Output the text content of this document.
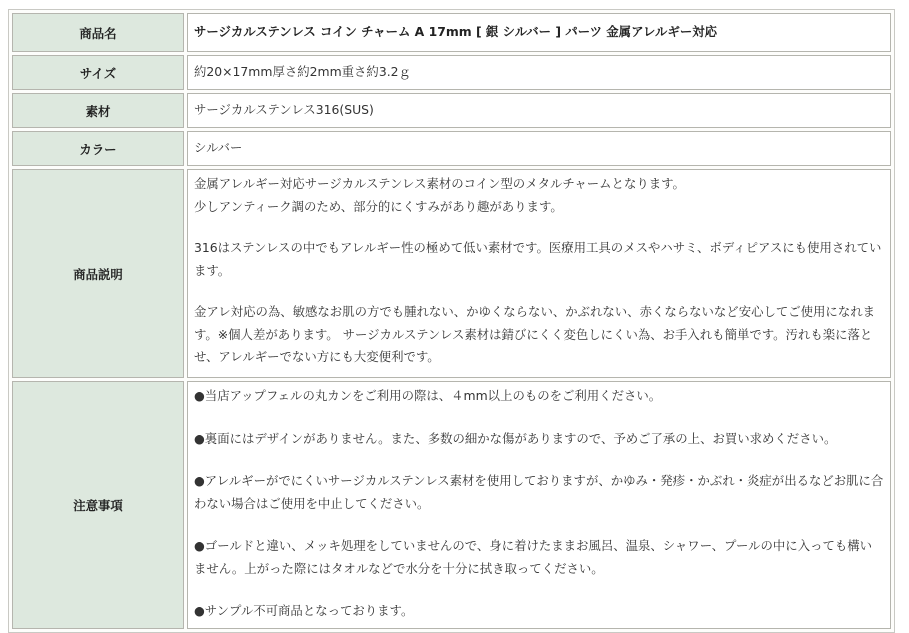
商品名	サージカルステンレス コイン チャーム A 17mm [ 銀 シルバー ] パーツ 金属アレルギー対応
サイズ	約20×17mm厚さ約2mm重さ約3.2ｇ
素材	サージカルステンレス316(SUS)
カラー	シルバー
商品説明	金属アレルギー対応サージカルステンレス素材のコイン型のメタルチャームとなります。

少しアンティーク調のため、部分的にくすみがあり趣があります。

316はステンレスの中でもアレルギー性の極めて低い素材です。医療用工具のメスやハサミ、ボディピアスにも使用されています。

金アレ対応の為、敏感なお肌の方でも腫れない、かゆくならない、かぶれない、赤くならないなど安心してご使用になれます。※個人差があります。 サージカルステンレス素材は錆びにくく変色しにくい為、お手入れも簡単です。汚れも楽に落とせ、アレルギーでない方にも大変便利です。

注意事項	●当店アップフェルの丸カンをご利用の際は、４mm以上のものをご利用ください。

●裏面にはデザインがありません。また、多数の細かな傷がありますので、予めご了承の上、お買い求めください。

●アレルギーがでにくいサージカルステンレス素材を使用しておりますが、かゆみ・発疹・かぶれ・炎症が出るなどお肌に合わない場合はご使用を中止してください。

●ゴールドと違い、メッキ処理をしていませんので、身に着けたままお風呂、温泉、シャワー、プールの中に入っても構いません。上がった際にはタオルなどで水分を十分に拭き取ってください。

●サンプル不可商品となっております。
